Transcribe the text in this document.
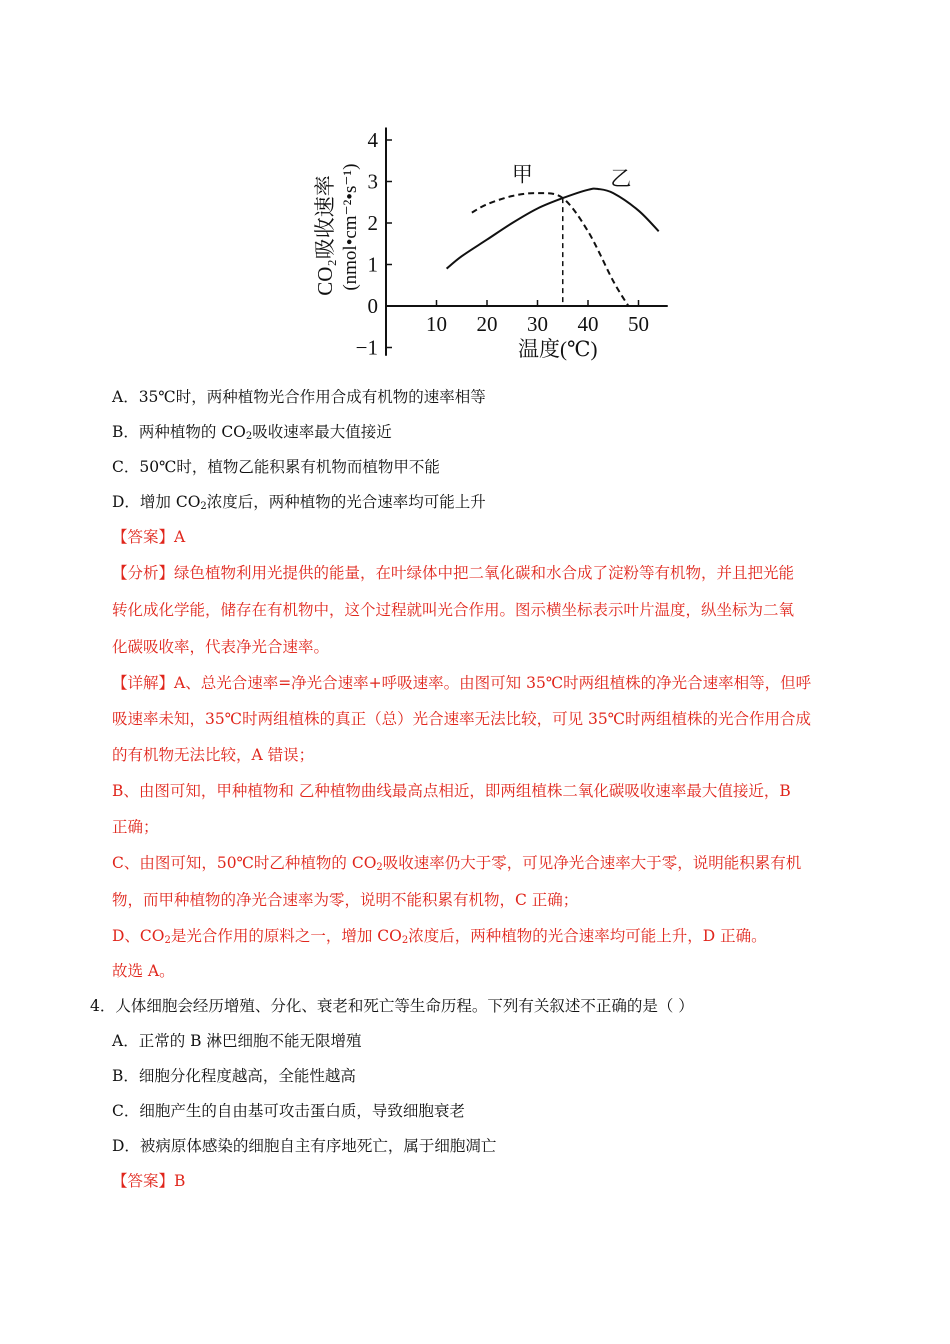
4
3
2
1
0
−1
10 20 30 40 50
甲	乙
温度(℃)
CO₂吸收速率 (nmol•cm⁻²•s⁻¹)
A．35℃时，两种植物光合作用合成有机物的速率相等
B．两种植物的 $CO_2$吸收速率最大值接近
C．50℃时，植物乙能积累有机物而植物甲不能
D．增加 $CO_2$浓度后，两种植物的光合速率均可能上升
【答案】A
【分析】绿色植物利用光提供的能量，在叶绿体中把二氧化碳和水合成了淀粉等有机物，并且把光能
转化成化学能，储存在有机物中，这个过程就叫光合作用。图示横坐标表示叶片温度，纵坐标为二氧
化碳吸收率，代表净光合速率。
【详解】A、总光合速率=净光合速率+呼吸速率。由图可知 35℃时两组植株的净光合速率相等，但呼
吸速率未知，35℃时两组植株的真正（总）光合速率无法比较，可见 35℃时两组植株的光合作用合成
的有机物无法比较，A 错误；
B、由图可知，甲种植物和 乙种植物曲线最高点相近，即两组植株二氧化碳吸收速率最大值接近，B
正确；
C、由图可知，50℃时乙种植物的 $CO_2$吸收速率仍大于零，可见净光合速率大于零，说明能积累有机
物，而甲种植物的净光合速率为零，说明不能积累有机物，C 正确；
D、$CO_2$是光合作用的原料之一，增加 $CO_2$浓度后，两种植物的光合速率均可能上升，D 正确。
故选 A。
4．人体细胞会经历增殖、分化、衰老和死亡等生命历程。下列有关叙述不正确的是（ ）
A．正常的 B 淋巴细胞不能无限增殖
B．细胞分化程度越高，全能性越高
C．细胞产生的自由基可攻击蛋白质，导致细胞衰老
D．被病原体感染的细胞自主有序地死亡，属于细胞凋亡
【答案】B
